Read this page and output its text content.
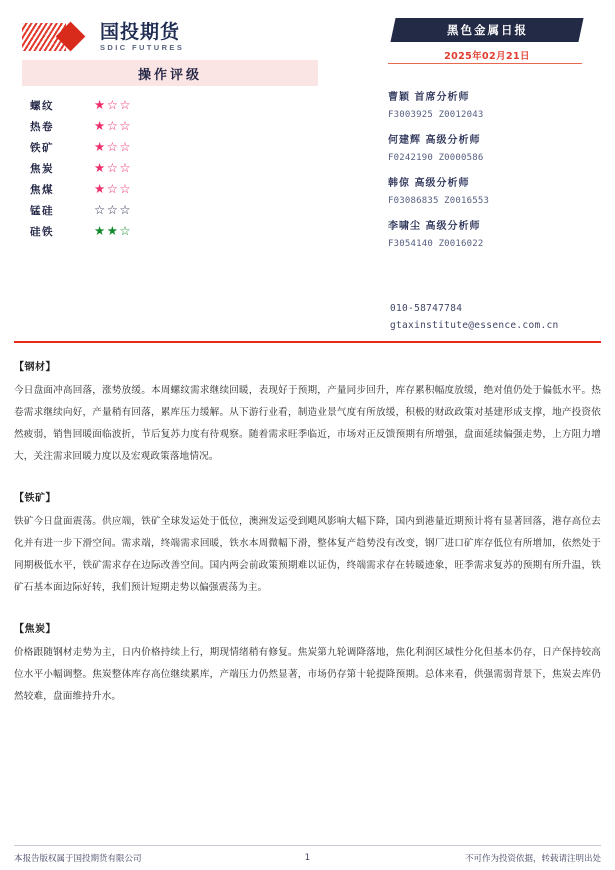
国投期货
SDIC FUTURES
黑色金属日报
2025年02月21日
操作评级
螺纹	★☆☆
热卷	★☆☆
铁矿	★☆☆
焦炭	★☆☆
焦煤	★☆☆
锰硅	☆☆☆
硅铁	★★☆
曹颖 首席分析师
F3003925 Z0012043
何建辉 高级分析师
F0242190 Z0000586
韩倞 高级分析师
F03086835 Z0016553
李啸尘 高级分析师
F3054140 Z0016022
010-58747784
gtaxinstitute@essence.com.cn
【钢材】
今日盘面冲高回落，涨势放缓。本周螺纹需求继续回暖，表现好于预期，产量同步回升，库存累积幅度放缓，绝对值仍处于偏低水平。热卷需求继续向好，产量稍有回落，累库压力缓解。从下游行业看，制造业景气度有所放缓，积极的财政政策对基建形成支撑，地产投资依然疲弱，销售回暖面临波折，节后复苏力度有待观察。随着需求旺季临近，市场对正反馈预期有所增强，盘面延续偏强走势，上方阻力增大，关注需求回暖力度以及宏观政策落地情况。
【铁矿】
铁矿今日盘面震荡。供应端，铁矿全球发运处于低位，澳洲发运受到飓风影响大幅下降，国内到港量近期预计将有显著回落，港存高位去化并有进一步下滑空间。需求端，终端需求回暖，铁水本周微幅下滑，整体复产趋势没有改变，钢厂进口矿库存低位有所增加，依然处于同期极低水平，铁矿需求存在边际改善空间。国内两会前政策预期难以证伪，终端需求存在转暖迹象，旺季需求复苏的预期有所升温，铁矿石基本面边际好转，我们预计短期走势以偏强震荡为主。
【焦炭】
价格跟随钢材走势为主，日内价格持续上行，期现情绪稍有修复。焦炭第九轮调降落地，焦化利润区域性分化但基本仍存，日产保持较高位水平小幅调整。焦炭整体库存高位继续累库，产端压力仍然显著，市场仍存第十轮提降预期。总体来看，供强需弱背景下，焦炭去库仍然较难，盘面维持升水。
本报告版权属于国投期货有限公司	1	不可作为投资依据，转载请注明出处
